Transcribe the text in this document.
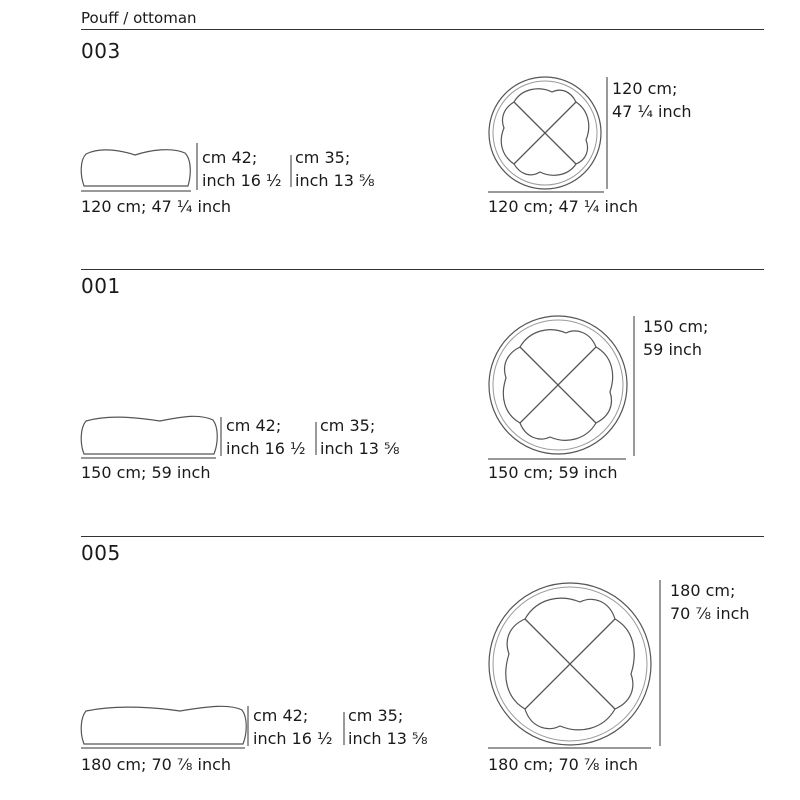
Pouff / ottoman
003
120 cm; 47 ¼ inch
cm 42;
inch 16 ½
cm 35;
inch 13 ⅝
120 cm; 47 ¼ inch
120 cm;
47 ¼ inch
001
150 cm; 59 inch
cm 42;
inch 16 ½
cm 35;
inch 13 ⅝
150 cm; 59 inch
150 cm;
59 inch
005
180 cm; 70 ⅞ inch
cm 42;
inch 16 ½
cm 35;
inch 13 ⅝
180 cm; 70 ⅞ inch
180 cm;
70 ⅞ inch
